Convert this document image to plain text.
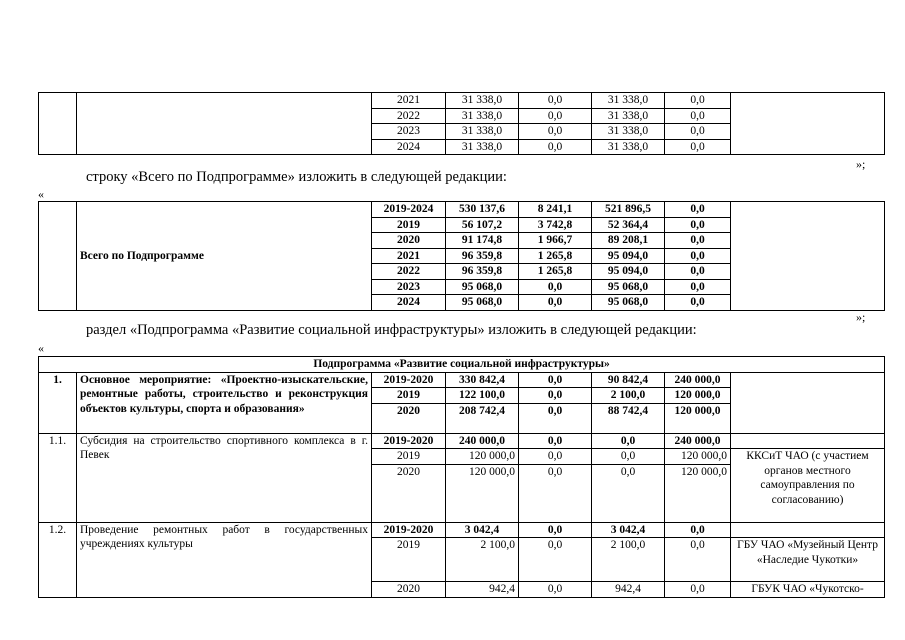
		2021	31 338,0	0,0	31 338,0	0,0	
		2022	31 338,0	0,0	31 338,0	0,0	
		2023	31 338,0	0,0	31 338,0	0,0	
		2024	31 338,0	0,0	31 338,0	0,0	
»;
строку «Всего по Подпрограмме» изложить в следующей редакции:
«
	Всего по Подпрограмме	2019-2024	530 137,6	8 241,1	521 896,5	0,0	
		2019	56 107,2	3 742,8	52 364,4	0,0	
		2020	91 174,8	1 966,7	89 208,1	0,0	
		2021	96 359,8	1 265,8	95 094,0	0,0	
		2022	96 359,8	1 265,8	95 094,0	0,0	
		2023	95 068,0	0,0	95 068,0	0,0	
		2024	95 068,0	0,0	95 068,0	0,0	
»;
раздел «Подпрограмма «Развитие социальной инфраструктуры» изложить в следующей редакции:
«
Подпрограмма «Развитие социальной инфраструктуры»							
1.	Основное мероприятие: «Проектно-изыскательские, ремонтные работы, строительство и реконструкция объектов культуры, спорта и образования»	2019-2020	330 842,4	0,0	90 842,4	240 000,0	
		2019	122 100,0	0,0	2 100,0	120 000,0	
		2020	208 742,4	0,0	88 742,4	120 000,0	
1.1.	Субсидия на строительство спортивного комплекса в г. Певек	2019-2020	240 000,0	0,0	0,0	240 000,0	
		2019	120 000,0	0,0	0,0	120 000,0	ККСиТ ЧАО (с участием органов местного самоуправления по согласованию)
		2020	120 000,0	0,0	0,0	120 000,0	
1.2.	Проведение ремонтных работ в государственных учреждениях культуры	2019-2020	3 042,4	0,0	3 042,4	0,0	
		2019	2 100,0	0,0	2 100,0	0,0	ГБУ ЧАО «Музейный Центр «Наследие Чукотки»
		2020	942,4	0,0	942,4	0,0	ГБУК ЧАО «Чукотско-
